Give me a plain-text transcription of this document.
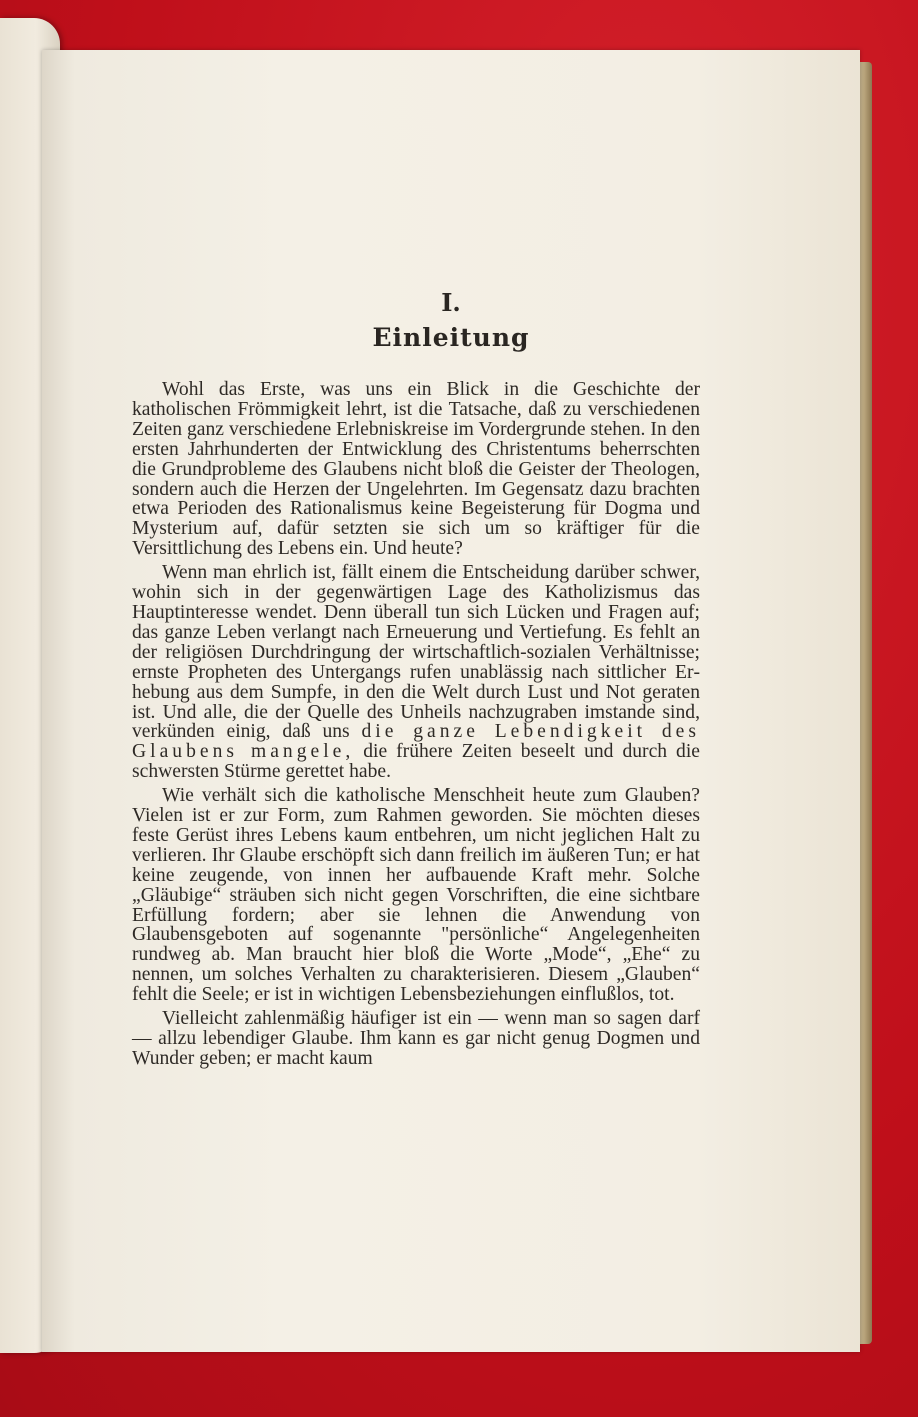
I.
Einleitung

Wohl das Erste, was uns ein Blick in die Geschichte der katholischen Frömmigkeit lehrt, ist die Tatsache, daß zu verschiedenen Zeiten ganz verschiedene Erlebniskreise im Vordergrunde stehen. In den ersten Jahrhunderten der Entwicklung des Christentums beherrschten die Grundprobleme des Glaubens nicht bloß die Geister der Theologen, sondern auch die Herzen der Ungelehrten. Im Gegensatz dazu brachten etwa Perioden des Rationalismus keine Begeisterung für Dogma und Mysterium auf, dafür setzten sie sich um so kräftiger für die Versittlichung des Lebens ein. Und heute?

Wenn man ehrlich ist, fällt einem die Entscheidung darüber schwer, wohin sich in der gegenwärtigen Lage des Katholizismus das Hauptinteresse wendet. Denn überall tun sich Lücken und Fragen auf; das ganze Leben verlangt nach Erneuerung und Vertiefung. Es fehlt an der religiösen Durchdringung der wirtschaftlich-sozialen Verhältnisse; ernste Propheten des Untergangs rufen unablässig nach sittlicher Erhebung aus dem Sumpfe, in den die Welt durch Lust und Not geraten ist. Und alle, die der Quelle des Unheils nachzugraben imstande sind, verkünden einig, daß uns die ganze Lebendigkeit des Glaubens mangele, die frühere Zeiten beseelt und durch die schwersten Stürme gerettet habe.

Wie verhält sich die katholische Menschheit heute zum Glauben? Vielen ist er zur Form, zum Rahmen geworden. Sie möchten dieses feste Gerüst ihres Lebens kaum entbehren, um nicht jeglichen Halt zu verlieren. Ihr Glaube erschöpft sich dann freilich im äußeren Tun; er hat keine zeugende, von innen her aufbauende Kraft mehr. Solche „Gläubige“ sträuben sich nicht gegen Vorschriften, die eine sichtbare Erfüllung fordern; aber sie lehnen die Anwendung von Glaubensgeboten auf sogenannte "persönliche“ Angelegenheiten rundweg ab. Man braucht hier bloß die Worte „Mode“, „Ehe“ zu nennen, um solches Verhalten zu charakterisieren. Diesem „Glauben“ fehlt die Seele; er ist in wichtigen Lebensbeziehungen einflußlos, tot.

Vielleicht zahlenmäßig häufiger ist ein — wenn man so sagen darf — allzu lebendiger Glaube. Ihm kann es gar nicht genug Dogmen und Wunder geben; er macht kaum
